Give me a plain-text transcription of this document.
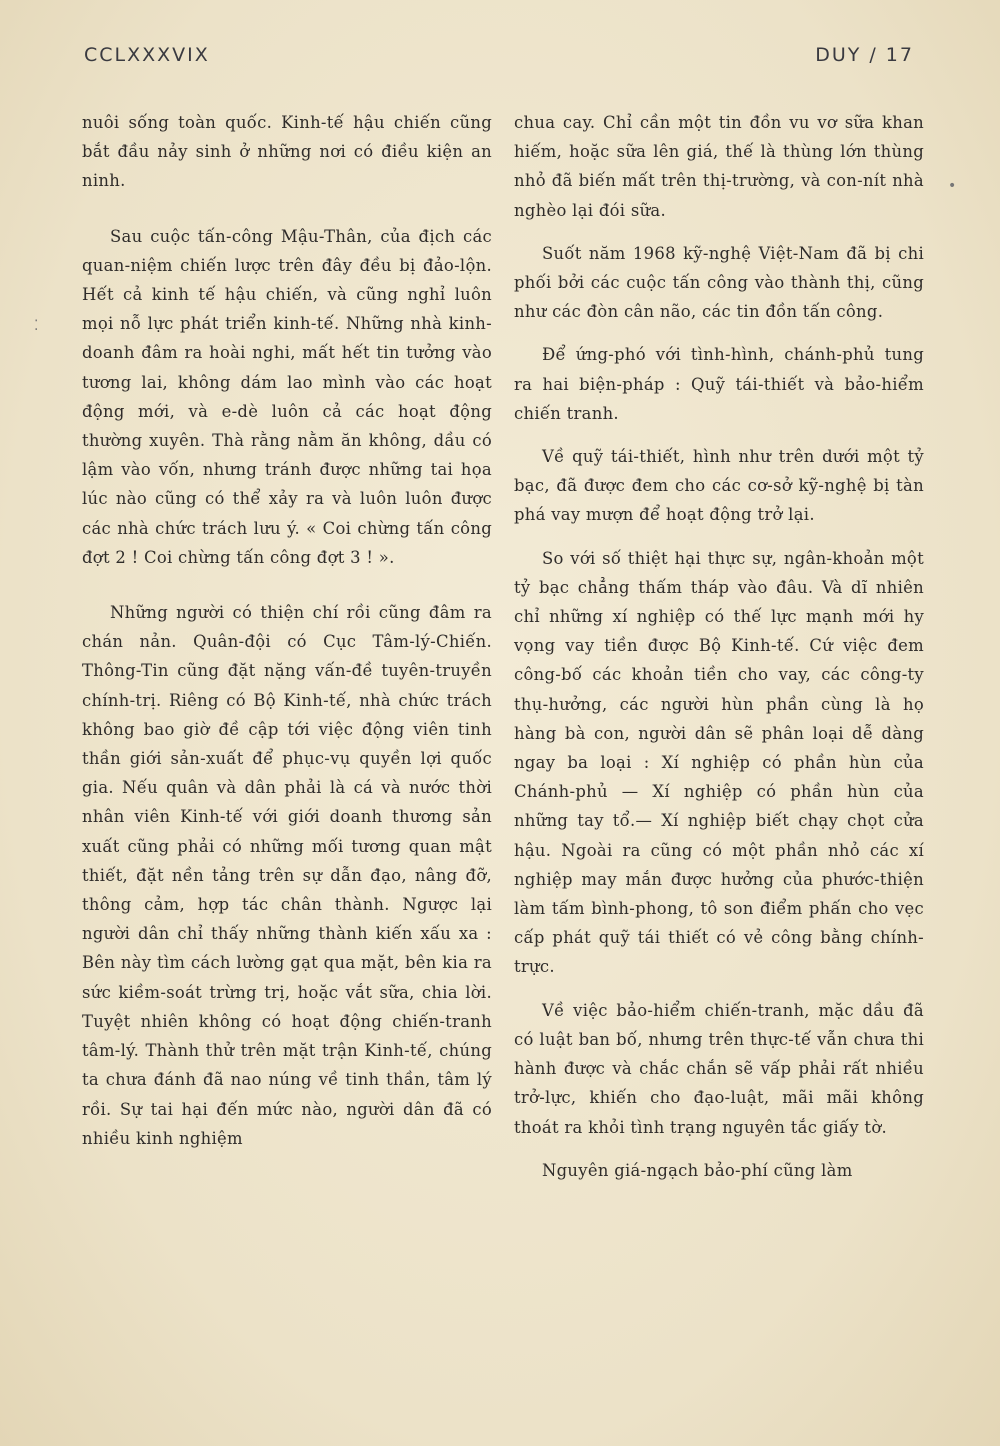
CCLXXXVIX	DUY / 17

nuôi sống toàn quốc. Kinh-tế hậu chiến cũng bắt đầu nảy sinh ở những nơi có điều kiện an ninh.

Sau cuộc tấn-công Mậu-Thân, của địch các quan-niệm chiến lược trên đây đều bị đảo-lộn. Hết cả kinh tế hậu chiến, và cũng nghỉ luôn mọi nỗ lực phát triển kinh-tế. Những nhà kinh-doanh đâm ra hoài nghi, mất hết tin tưởng vào tương lai, không dám lao mình vào các hoạt động mới, và e-dè luôn cả các hoạt động thường xuyên. Thà rằng nằm ăn không, dầu có lậm vào vốn, nhưng tránh được những tai họa lúc nào cũng có thể xảy ra và luôn luôn được các nhà chức trách lưu ý. « Coi chừng tấn công đợt 2 ! Coi chừng tấn công đợt 3 ! ».

Những người có thiện chí rồi cũng đâm ra chán nản. Quân-đội có Cục Tâm-lý-Chiến. Thông-Tin cũng đặt nặng vấn-đề tuyên-truyền chính-trị. Riêng có Bộ Kinh-tế, nhà chức trách không bao giờ đề cập tới việc động viên tinh thần giới sản-xuất để phục-vụ quyền lợi quốc gia. Nếu quân và dân phải là cá và nước thời nhân viên Kinh-tế với giới doanh thương sản xuất cũng phải có những mối tương quan mật thiết, đặt nền tảng trên sự dẫn đạo, nâng đỡ, thông cảm, hợp tác chân thành. Ngược lại người dân chỉ thấy những thành kiến xấu xa : Bên này tìm cách lường gạt qua mặt, bên kia ra sức kiềm-soát trừng trị, hoặc vắt sữa, chia lời. Tuyệt nhiên không có hoạt động chiến-tranh tâm-lý. Thành thử trên mặt trận Kinh-tế, chúng ta chưa đánh đã nao núng về tinh thần, tâm lý rồi. Sự tai hại đến mức nào, người dân đã có nhiều kinh nghiệm

chua cay. Chỉ cần một tin đồn vu vơ sữa khan hiếm, hoặc sữa lên giá, thế là thùng lớn thùng nhỏ đã biến mất trên thị-trường, và con-nít nhà nghèo lại đói sữa.

Suốt năm 1968 kỹ-nghệ Việt-Nam đã bị chi phối bởi các cuộc tấn công vào thành thị, cũng như các đòn cân não, các tin đồn tấn công.

Để ứng-phó với tình-hình, chánh-phủ tung ra hai biện-pháp : Quỹ tái-thiết và bảo-hiểm chiến tranh.

Về quỹ tái-thiết, hình như trên dưới một tỷ bạc, đã được đem cho các cơ-sở kỹ-nghệ bị tàn phá vay mượn để hoạt động trở lại.

So với số thiệt hại thực sự, ngân-khoản một tỷ bạc chẳng thấm tháp vào đâu. Và dĩ nhiên chỉ những xí nghiệp có thế lực mạnh mới hy vọng vay tiền được Bộ Kinh-tế. Cứ việc đem công-bố các khoản tiền cho vay, các công-ty thụ-hưởng, các người hùn phần cùng là họ hàng bà con, người dân sẽ phân loại dễ dàng ngay ba loại : Xí nghiệp có phần hùn của Chánh-phủ — Xí nghiệp có phần hùn của những tay tổ.— Xí nghiệp biết chạy chọt cửa hậu. Ngoài ra cũng có một phần nhỏ các xí nghiệp may mắn được hưởng của phước-thiện làm tấm bình-phong, tô son điểm phấn cho vẹc cấp phát quỹ tái thiết có vẻ công bằng chính-trực.

Về việc bảo-hiểm chiến-tranh, mặc dầu đã có luật ban bố, nhưng trên thực-tế vẫn chưa thi hành được và chắc chắn sẽ vấp phải rất nhiều trở-lực, khiến cho đạo-luật, mãi mãi không thoát ra khỏi tình trạng nguyên tắc giấy tờ.

Nguyên giá-ngạch bảo-phí cũng làm

⁚
•
